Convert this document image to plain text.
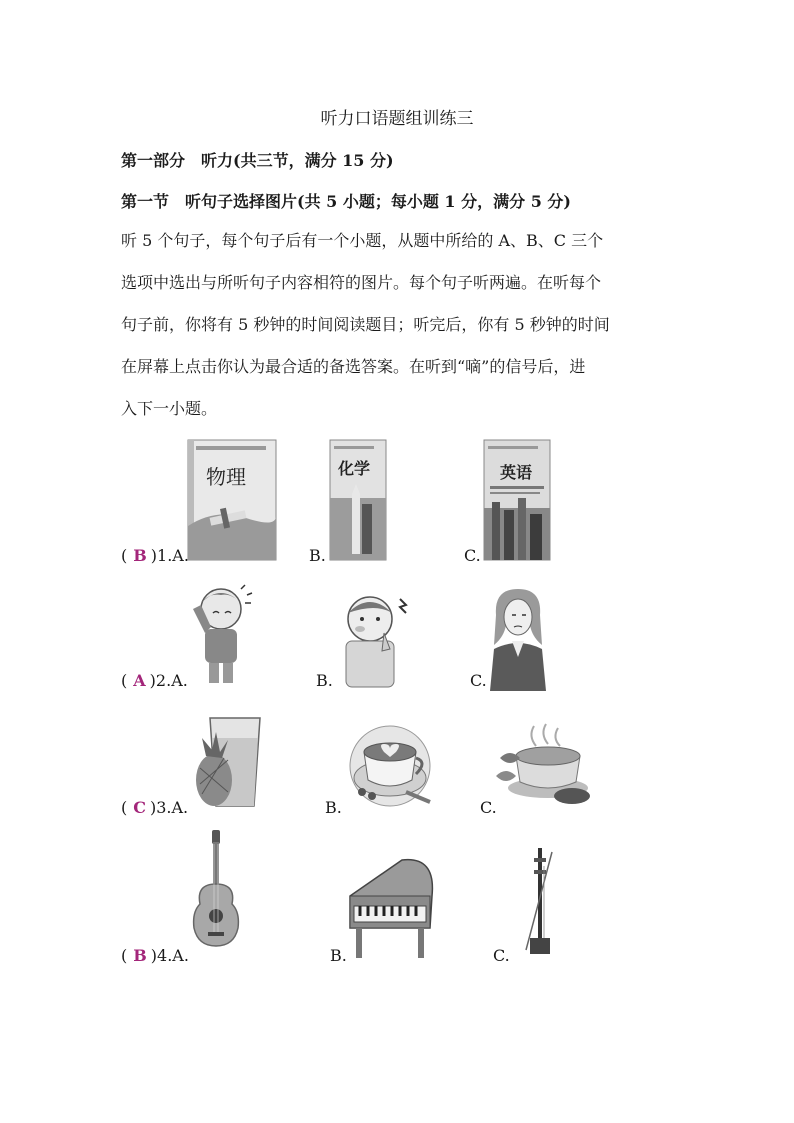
听力口语题组训练三
第一部分　听力(共三节，满分 15 分)
第一节　听句子选择图片(共 5 小题；每小题 1 分，满分 5 分)

听 5 个句子，每个句子后有一个小题，从题中所给的 A、B、C 三个

选项中选出与所听句子内容相符的图片。每个句子听两遍。在听每个

句子前，你将有 5 秒钟的时间阅读题目；听完后，你有 5 秒钟的时间

在屏幕上点击你认为最合适的备选答案。在听到“嘀”的信号后，进

入下一小题。

物理	化学	英语
( B )1.A.	B.	C.
( A )2.A.	B.	C.
( C )3.A.	B.	C.
( B )4.A.	B.	C.
